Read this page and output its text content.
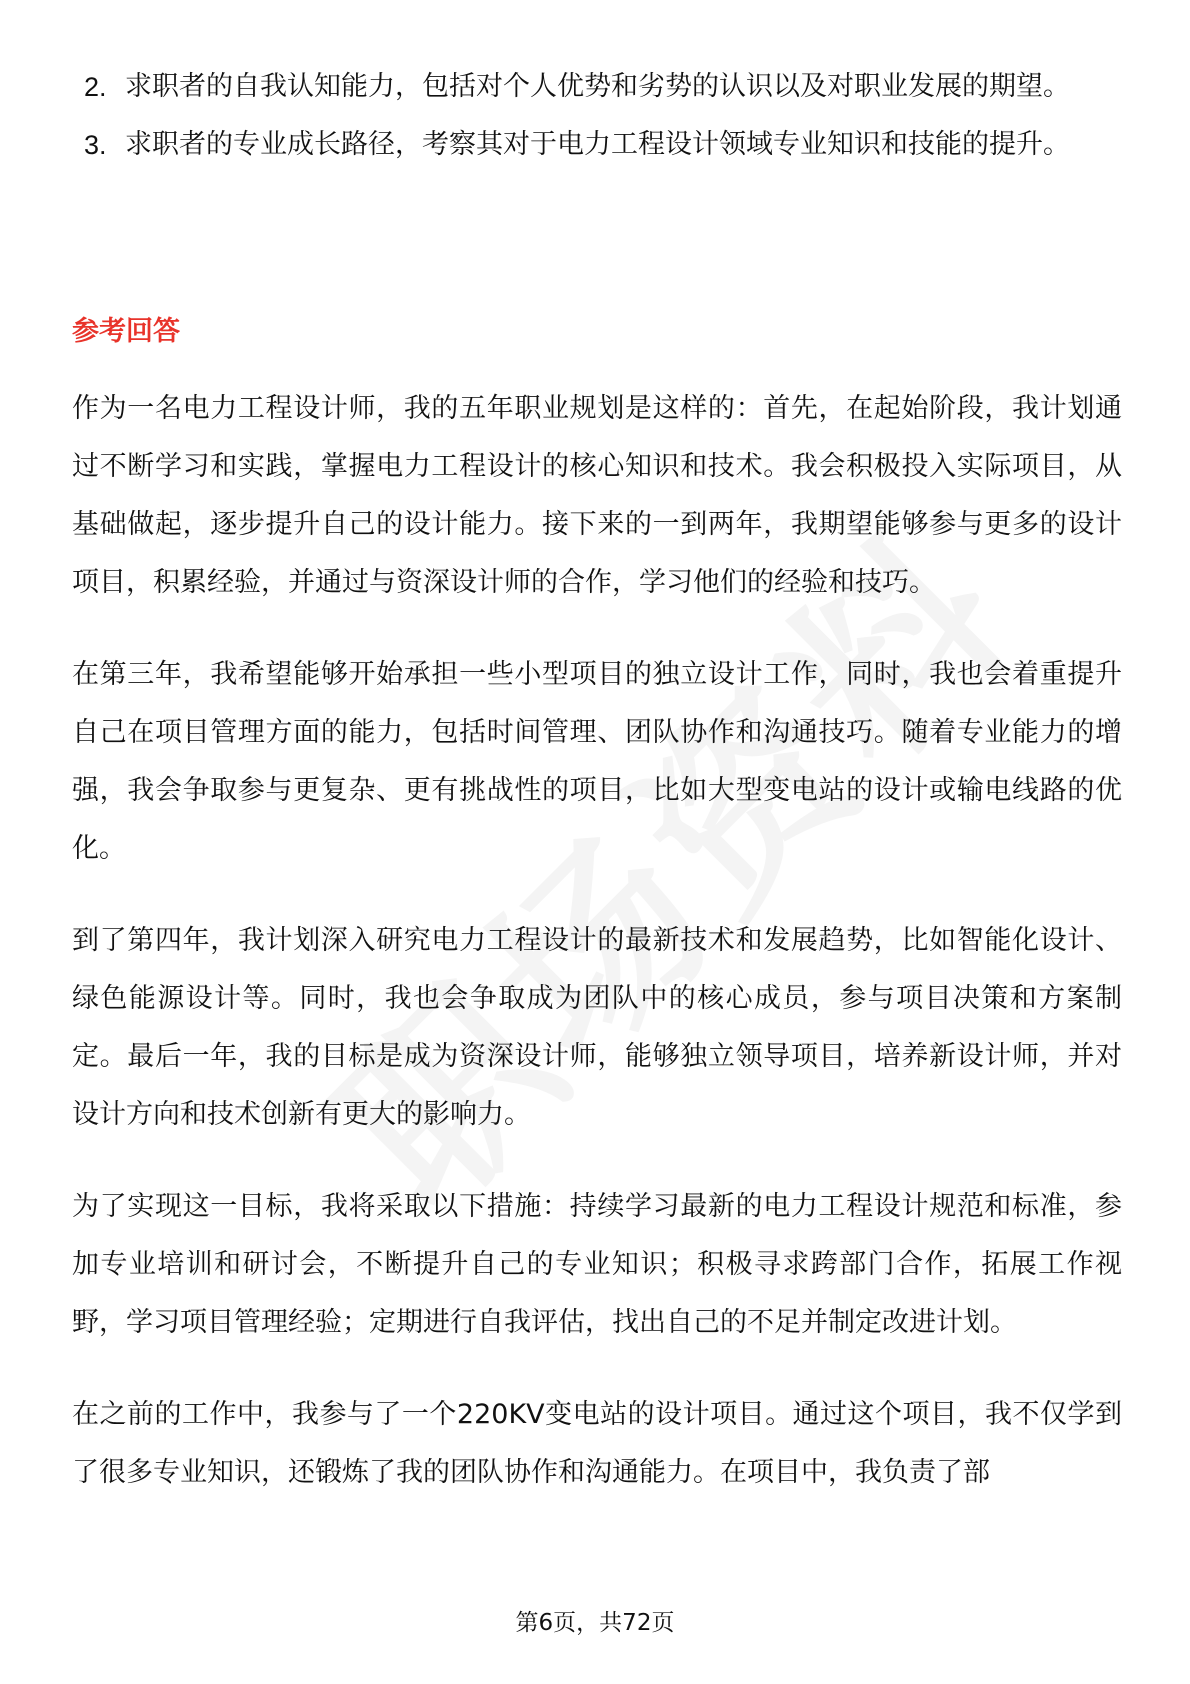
2. 求职者的自我认知能力，包括对个人优势和劣势的认识以及对职业发展的期望。
3. 求职者的专业成长路径，考察其对于电力工程设计领域专业知识和技能的提升。
参考回答

作为一名电力工程设计师，我的五年职业规划是这样的：首先，在起始阶段，我计划通过不断学习和实践，掌握电力工程设计的核心知识和技术。我会积极投入实际项目，从基础做起，逐步提升自己的设计能力。接下来的一到两年，我期望能够参与更多的设计项目，积累经验，并通过与资深设计师的合作，学习他们的经验和技巧。

在第三年，我希望能够开始承担一些小型项目的独立设计工作，同时，我也会着重提升自己在项目管理方面的能力，包括时间管理、团队协作和沟通技巧。随着专业能力的增强，我会争取参与更复杂、更有挑战性的项目，比如大型变电站的设计或输电线路的优化。

到了第四年，我计划深入研究电力工程设计的最新技术和发展趋势，比如智能化设计、绿色能源设计等。同时，我也会争取成为团队中的核心成员，参与项目决策和方案制定。最后一年，我的目标是成为资深设计师，能够独立领导项目，培养新设计师，并对设计方向和技术创新有更大的影响力。

为了实现这一目标，我将采取以下措施：持续学习最新的电力工程设计规范和标准，参加专业培训和研讨会，不断提升自己的专业知识；积极寻求跨部门合作，拓展工作视野，学习项目管理经验；定期进行自我评估，找出自己的不足并制定改进计划。

在之前的工作中，我参与了一个220KV变电站的设计项目。通过这个项目，我不仅学到了很多专业知识，还锻炼了我的团队协作和沟通能力。在项目中，我负责了部

第6页，共72页
